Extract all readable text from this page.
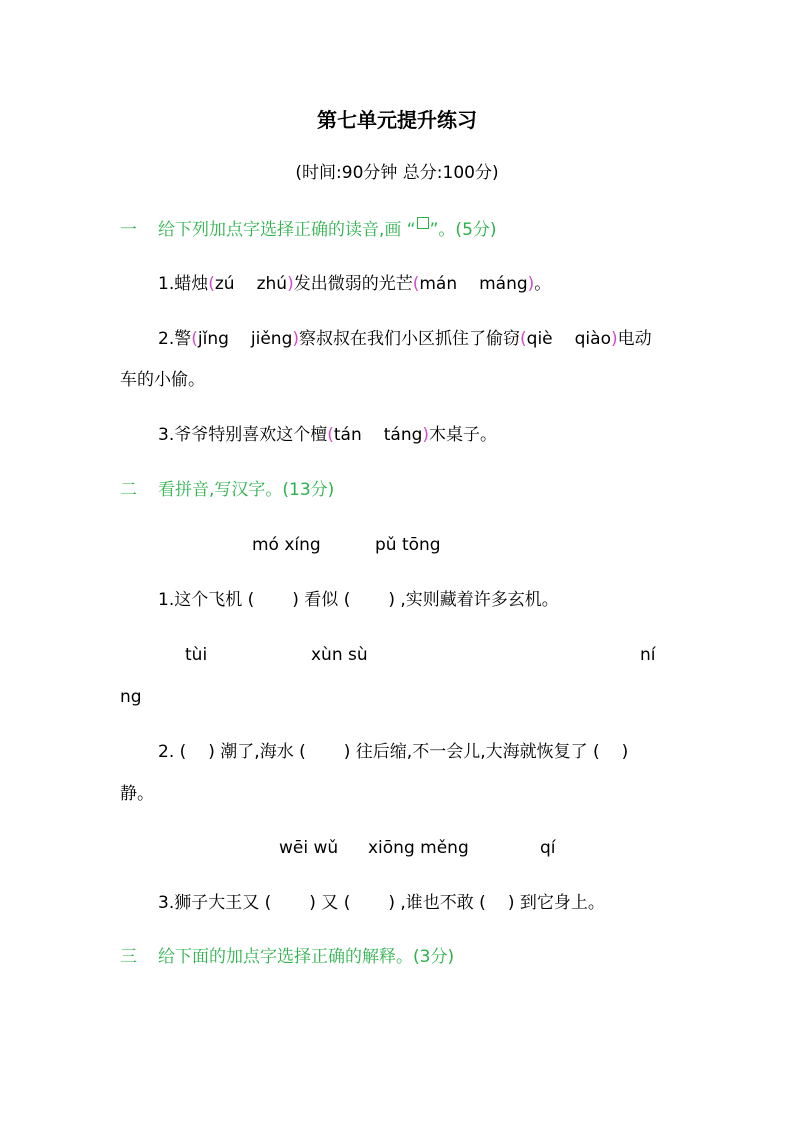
第七单元提升练习
(时间:90分钟 总分:100分)
一 给下列加点字选择正确的读音,画 “ ”。(5分)
1.蜡烛(zú zhú)发出微弱的光芒(mán máng)。
2.警(jǐng jiěng)察叔叔在我们小区抓住了偷窃(qiè qiào)电动
车的小偷。
3.爷爷特别喜欢这个檀(tán táng)木桌子。
二 看拼音,写汉字。(13分)
mó xíng	pǔ tōng
1.这个飞机 ( ) 看似 ( ) ,实则藏着许多玄机。
tùi	xùn sù	ní
ng
2. ( ) 潮了,海水 ( ) 往后缩,不一会儿,大海就恢复了 ( )
静。
wēi wǔ xiōng měng	qí
3.狮子大王又 ( ) 又 ( ) ,谁也不敢 ( ) 到它身上。
三 给下面的加点字选择正确的解释。(3分)
